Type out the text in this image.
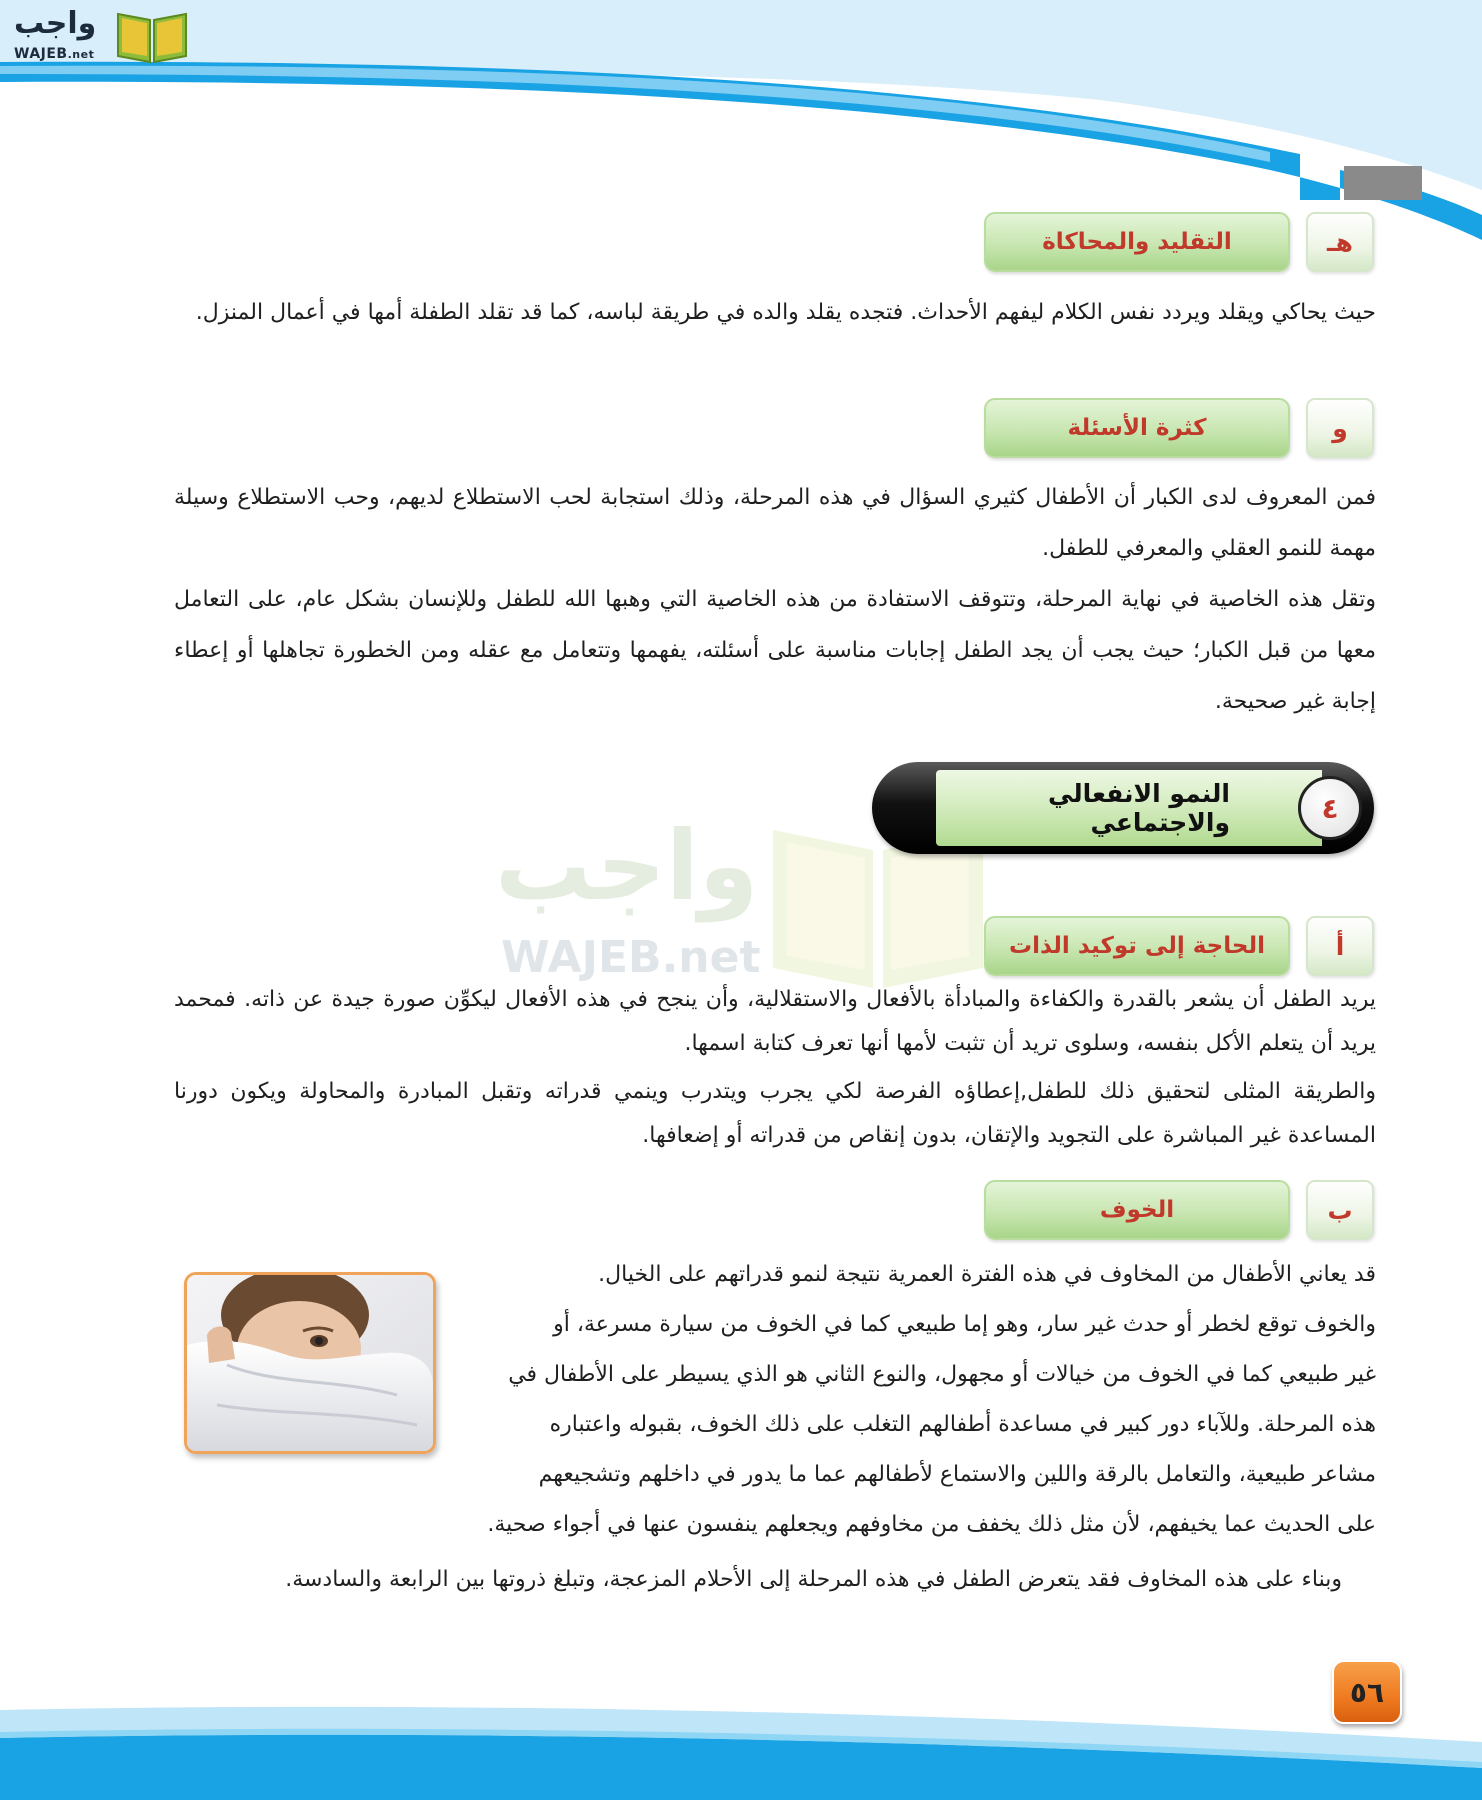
واجب
WAJEB.net
واجب
WAJEB.net
هـ
التقليد والمحاكاة

حيث يحاكي ويقلد ويردد نفس الكلام ليفهم الأحداث. فتجده يقلد والده في طريقة لباسه، كما قد تقلد الطفلة أمها في أعمال المنزل.

و
كثرة الأسئلة

فمن المعروف لدى الكبار أن الأطفال كثيري السؤال في هذه المرحلة، وذلك استجابة لحب الاستطلاع لديهم، وحب الاستطلاع وسيلة مهمة للنمو العقلي والمعرفي للطفل.

وتقل هذه الخاصية في نهاية المرحلة، وتتوقف الاستفادة من هذه الخاصية التي وهبها الله للطفل وللإنسان بشكل عام، على التعامل معها من قبل الكبار؛ حيث يجب أن يجد الطفل إجابات مناسبة على أسئلته، يفهمها وتتعامل مع عقله ومن الخطورة تجاهلها أو إعطاء إجابة غير صحيحة.

النمو الانفعالي والاجتماعي	٤
أ
الحاجة إلى توكيد الذات

يريد الطفل أن يشعر بالقدرة والكفاءة والمبادأة بالأفعال والاستقلالية، وأن ينجح في هذه الأفعال ليكوِّن صورة جيدة عن ذاته. فمحمد يريد أن يتعلم الأكل بنفسه، وسلوى تريد أن تثبت لأمها أنها تعرف كتابة اسمها.

والطريقة المثلى لتحقيق ذلك للطفل,إعطاؤه الفرصة لكي يجرب ويتدرب وينمي قدراته وتقبل المبادرة والمحاولة ويكون دورنا المساعدة غير المباشرة على التجويد والإتقان، بدون إنقاص من قدراته أو إضعافها.

ب
الخوف

قد يعاني الأطفال من المخاوف في هذه الفترة العمرية نتيجة لنمو قدراتهم على الخيال.

والخوف توقع لخطر أو حدث غير سار، وهو إما طبيعي كما في الخوف من سيارة مسرعة، أو

غير طبيعي كما في الخوف من خيالات أو مجهول، والنوع الثاني هو الذي يسيطر على الأطفال في

هذه المرحلة. وللآباء دور كبير في مساعدة أطفالهم التغلب على ذلك الخوف، بقبوله واعتباره

مشاعر طبيعية، والتعامل بالرقة واللين والاستماع لأطفالهم عما ما يدور في داخلهم وتشجيعهم

على الحديث عما يخيفهم، لأن مثل ذلك يخفف من مخاوفهم ويجعلهم ينفسون عنها في أجواء صحية.

وبناء على هذه المخاوف فقد يتعرض الطفل في هذه المرحلة إلى الأحلام المزعجة، وتبلغ ذروتها بين الرابعة والسادسة.

٥٦
